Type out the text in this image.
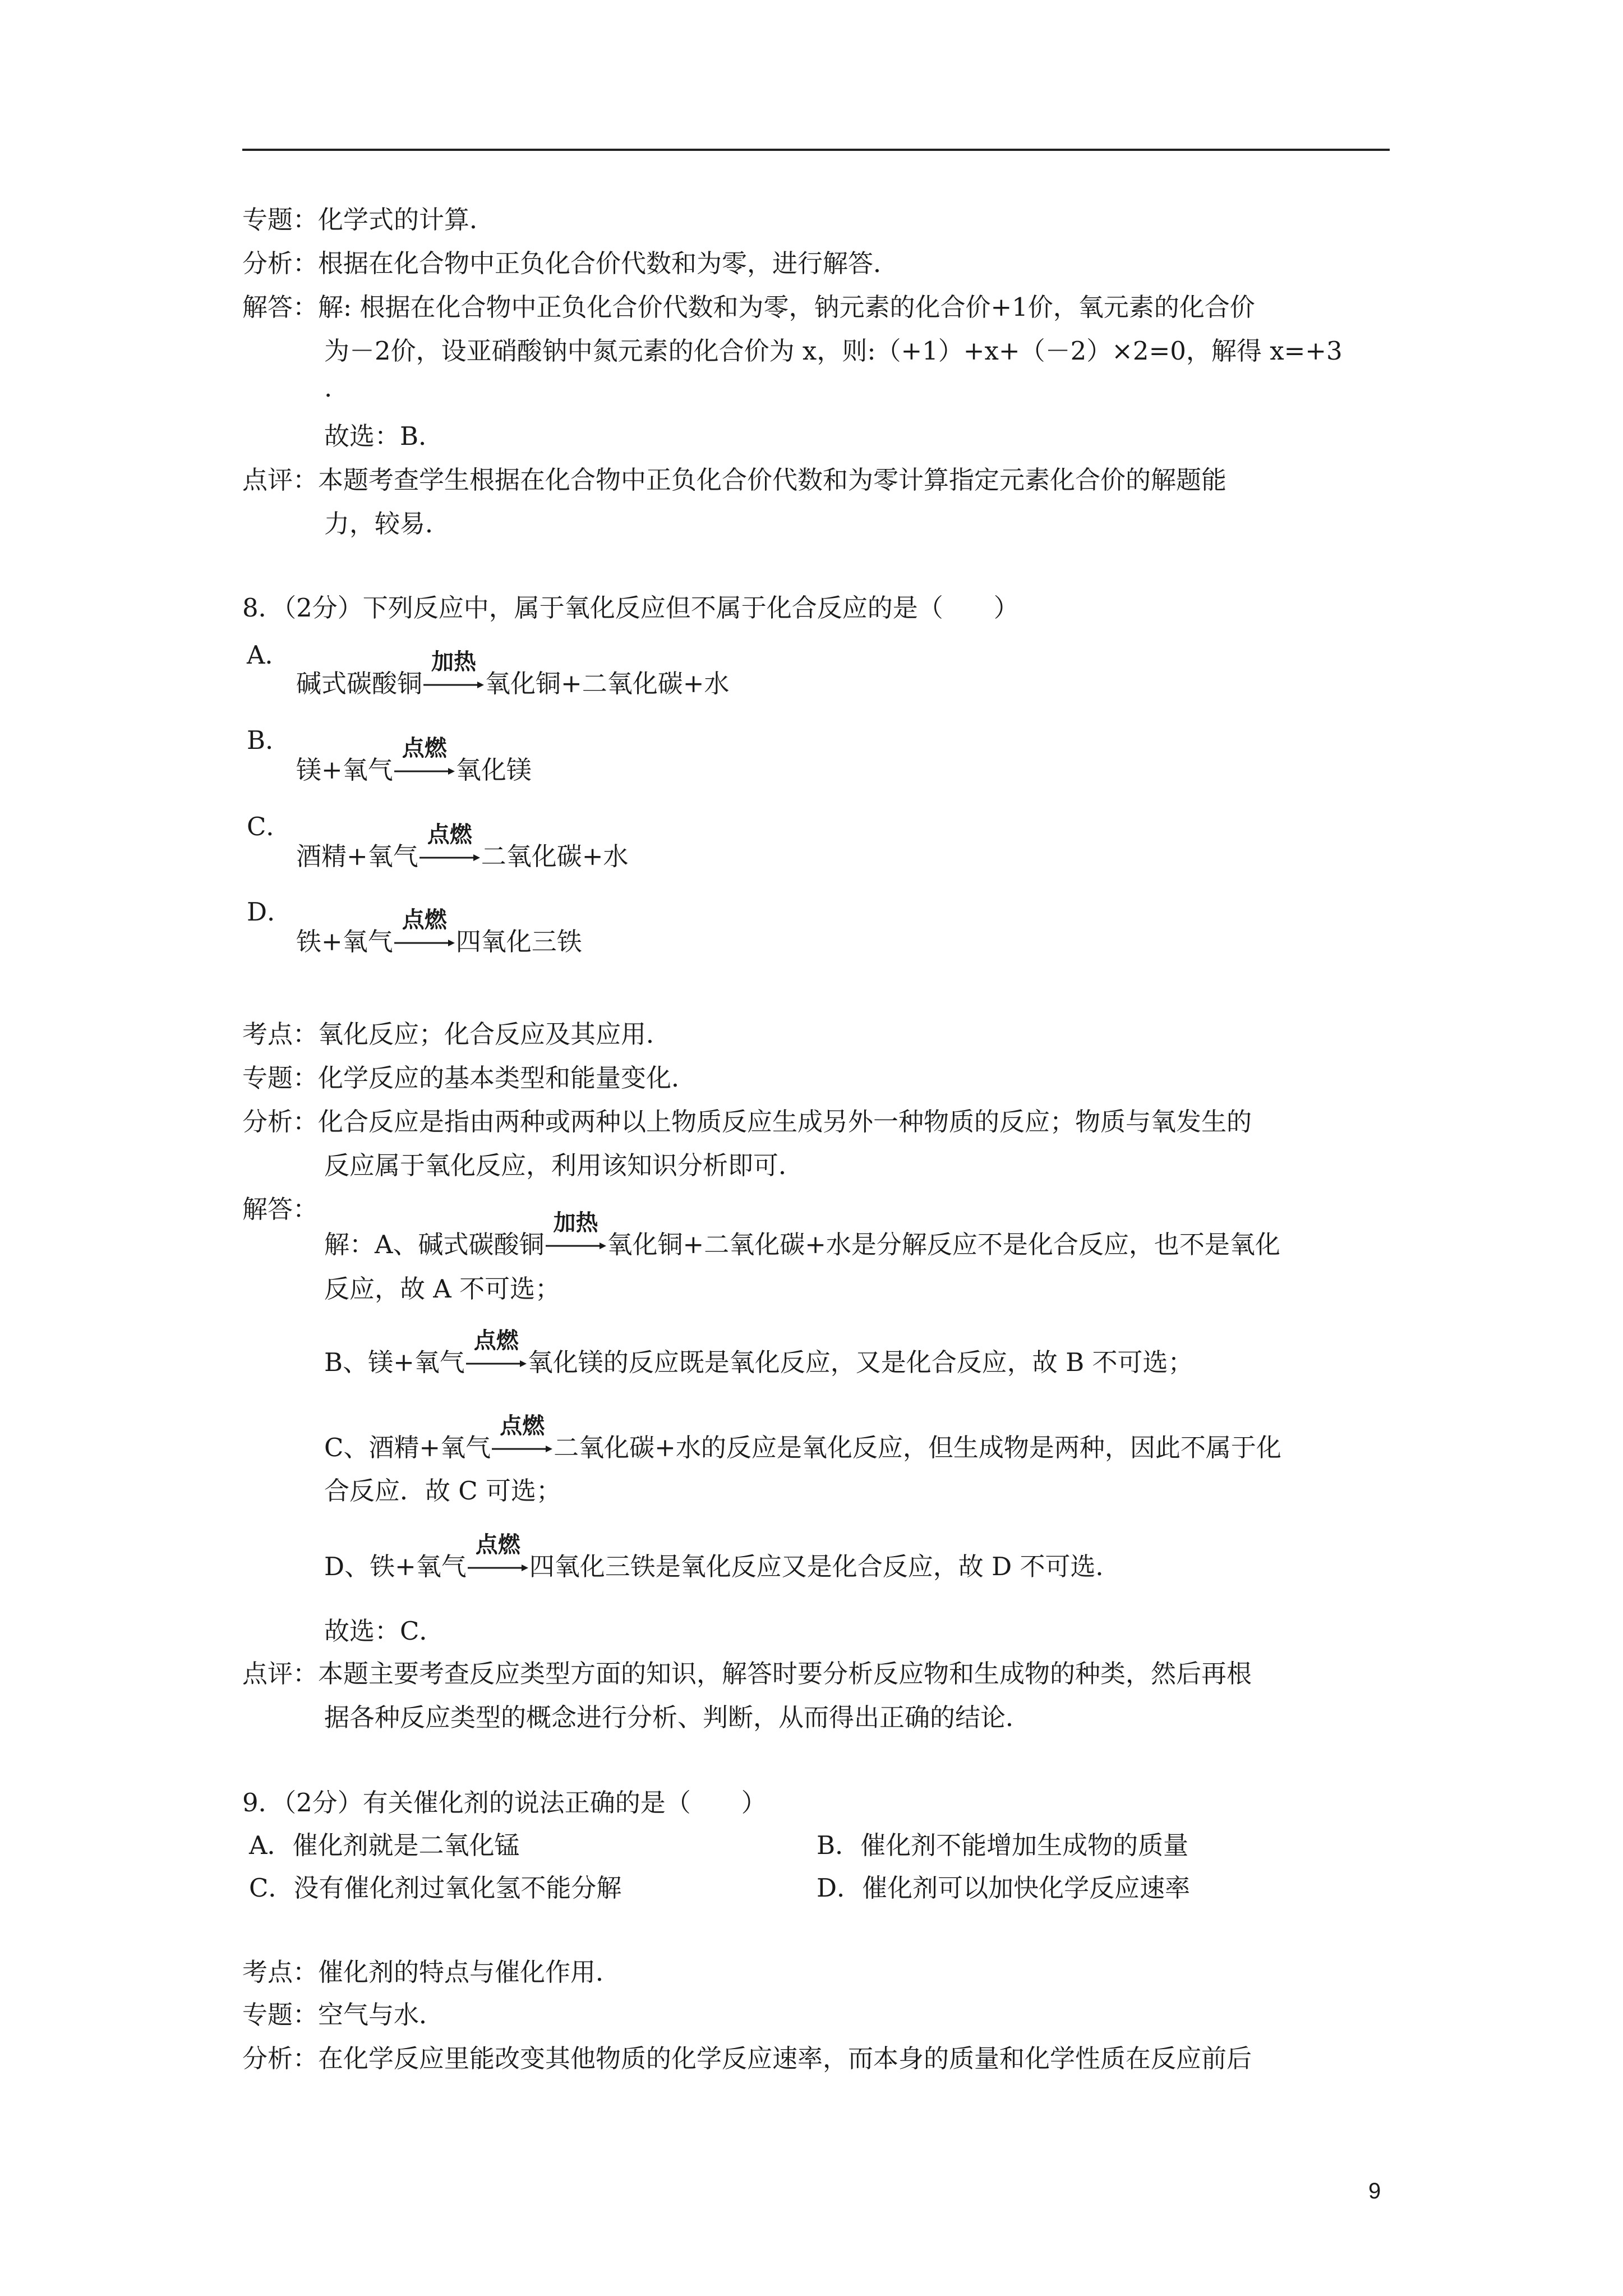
专题：化学式的计算．
分析：根据在化合物中正负化合价代数和为零，进行解答．
解答：解: 根据在化合物中正负化合价代数和为零，钠元素的化合价+1价，氧元素的化合价
为－2价，设亚硝酸钠中氮元素的化合价为 x，则:（+1）+x+（－2）×2=0，解得 x=+3
.
故选：B．
点评：本题考查学生根据在化合物中正负化合价代数和为零计算指定元素化合价的解题能
力，较易．
8．（2分）下列反应中，属于氧化反应但不属于化合反应的是（　　）
A．
碱式碳酸铜
加热
氧化铜+二氧化碳+水
B．
镁+氧气
点燃
氧化镁
C．
酒精+氧气
点燃
二氧化碳+水
D．
铁+氧气
点燃
四氧化三铁
考点：氧化反应；化合反应及其应用．
专题：化学反应的基本类型和能量变化．
分析：化合反应是指由两种或两种以上物质反应生成另外一种物质的反应；物质与氧发生的
反应属于氧化反应，利用该知识分析即可．
解答：
解：A、碱式碳酸铜
加热
氧化铜+二氧化碳+水是分解反应不是化合反应，也不是氧化
反应，故 A 不可选；
B、镁+氧气
点燃
氧化镁的反应既是氧化反应，又是化合反应，故 B 不可选；
C、酒精+氧气
点燃
二氧化碳+水的反应是氧化反应，但生成物是两种，因此不属于化
合反应．故 C 可选；
D、铁+氧气
点燃
四氧化三铁是氧化反应又是化合反应，故 D 不可选．
故选：C．
点评：本题主要考查反应类型方面的知识，解答时要分析反应物和生成物的种类，然后再根
据各种反应类型的概念进行分析、判断，从而得出正确的结论．
9．（2分）有关催化剂的说法正确的是（　　）
A．催化剂就是二氧化锰	B．催化剂不能增加生成物的质量
C．没有催化剂过氧化氢不能分解	D．催化剂可以加快化学反应速率
考点：催化剂的特点与催化作用．
专题：空气与水．
分析：在化学反应里能改变其他物质的化学反应速率，而本身的质量和化学性质在反应前后
9
